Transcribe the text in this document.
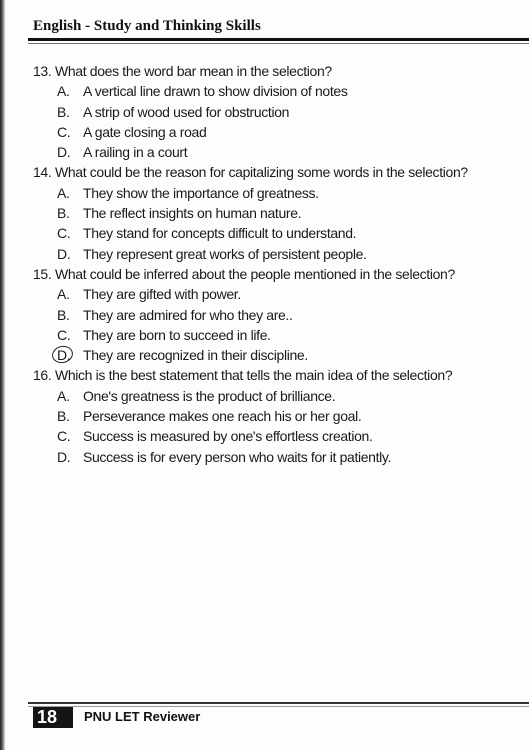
English - Study and Thinking Skills
13. What does the word bar mean in the selection?
A. A vertical line drawn to show division of notes
B. A strip of wood used for obstruction
C. A gate closing a road
D. A railing in a court
14. What could be the reason for capitalizing some words in the selection?
A. They show the importance of greatness.
B. The reflect insights on human nature.
C. They stand for concepts difficult to understand.
D. They represent great works of persistent people.
15. What could be inferred about the people mentioned in the selection?
A. They are gifted with power.
B. They are admired for who they are..
C. They are born to succeed in life.
D. They are recognized in their discipline.
16. Which is the best statement that tells the main idea of the selection?
A. One's greatness is the product of brilliance.
B. Perseverance makes one reach his or her goal.
C. Success is measured by one's effortless creation.
D. Success is for every person who waits for it patiently.
18	PNU LET Reviewer
